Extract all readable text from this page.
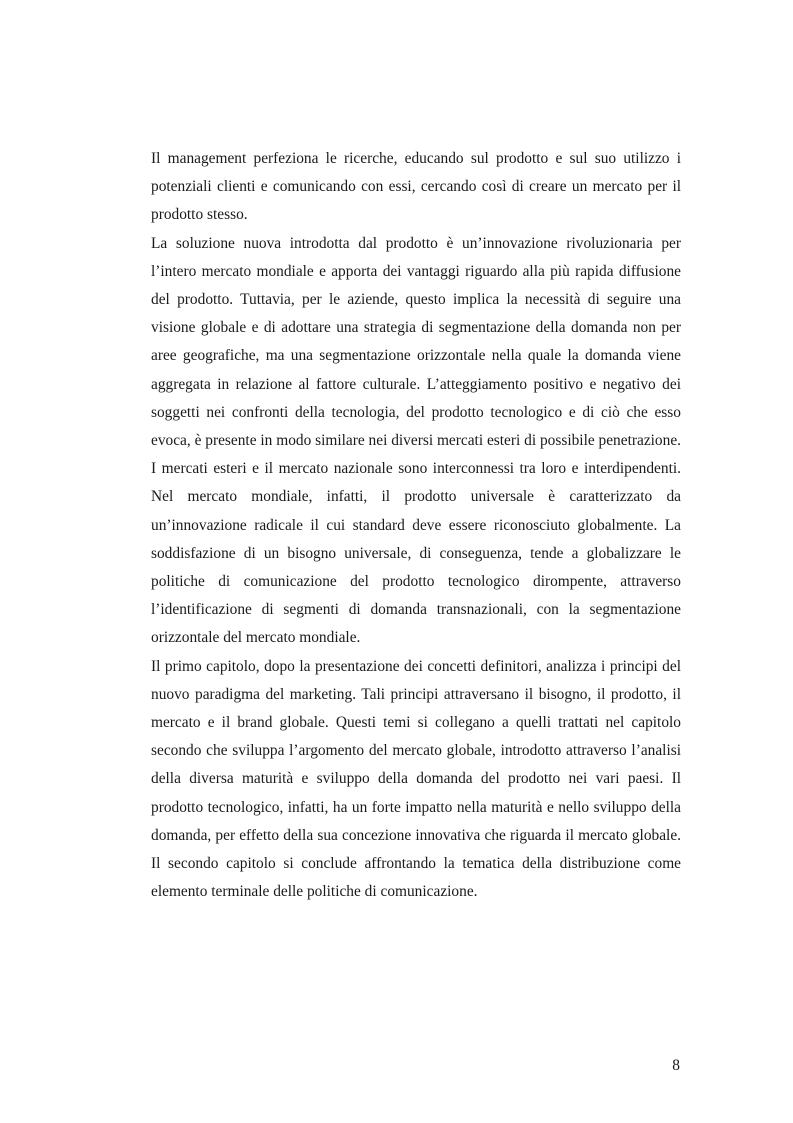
Il management perfeziona le ricerche, educando sul prodotto e sul suo utilizzo i potenziali clienti e comunicando con essi, cercando così di creare un mercato per il prodotto stesso.

La soluzione nuova introdotta dal prodotto è un’innovazione rivoluzionaria per l’intero mercato mondiale e apporta dei vantaggi riguardo alla più rapida diffusione del prodotto. Tuttavia, per le aziende, questo implica la necessità di seguire una visione globale e di adottare una strategia di segmentazione della domanda non per aree geografiche, ma una segmentazione orizzontale nella quale la domanda viene aggregata in relazione al fattore culturale. L’atteggiamento positivo e negativo dei soggetti nei confronti della tecnologia, del prodotto tecnologico e di ciò che esso evoca, è presente in modo similare nei diversi mercati esteri di possibile penetrazione. I mercati esteri e il mercato nazionale sono interconnessi tra loro e interdipendenti. Nel mercato mondiale, infatti, il prodotto universale è caratterizzato da un’innovazione radicale il cui standard deve essere riconosciuto globalmente. La soddisfazione di un bisogno universale, di conseguenza, tende a globalizzare le politiche di comunicazione del prodotto tecnologico dirompente, attraverso l’identificazione di segmenti di domanda transnazionali, con la segmentazione orizzontale del mercato mondiale.

Il primo capitolo, dopo la presentazione dei concetti definitori, analizza i principi del nuovo paradigma del marketing. Tali principi attraversano il bisogno, il prodotto, il mercato e il brand globale. Questi temi si collegano a quelli trattati nel capitolo secondo che sviluppa l’argomento del mercato globale, introdotto attraverso l’analisi della diversa maturità e sviluppo della domanda del prodotto nei vari paesi. Il prodotto tecnologico, infatti, ha un forte impatto nella maturità e nello sviluppo della domanda, per effetto della sua concezione innovativa che riguarda il mercato globale. Il secondo capitolo si conclude affrontando la tematica della distribuzione come elemento terminale delle politiche di comunicazione.

8
